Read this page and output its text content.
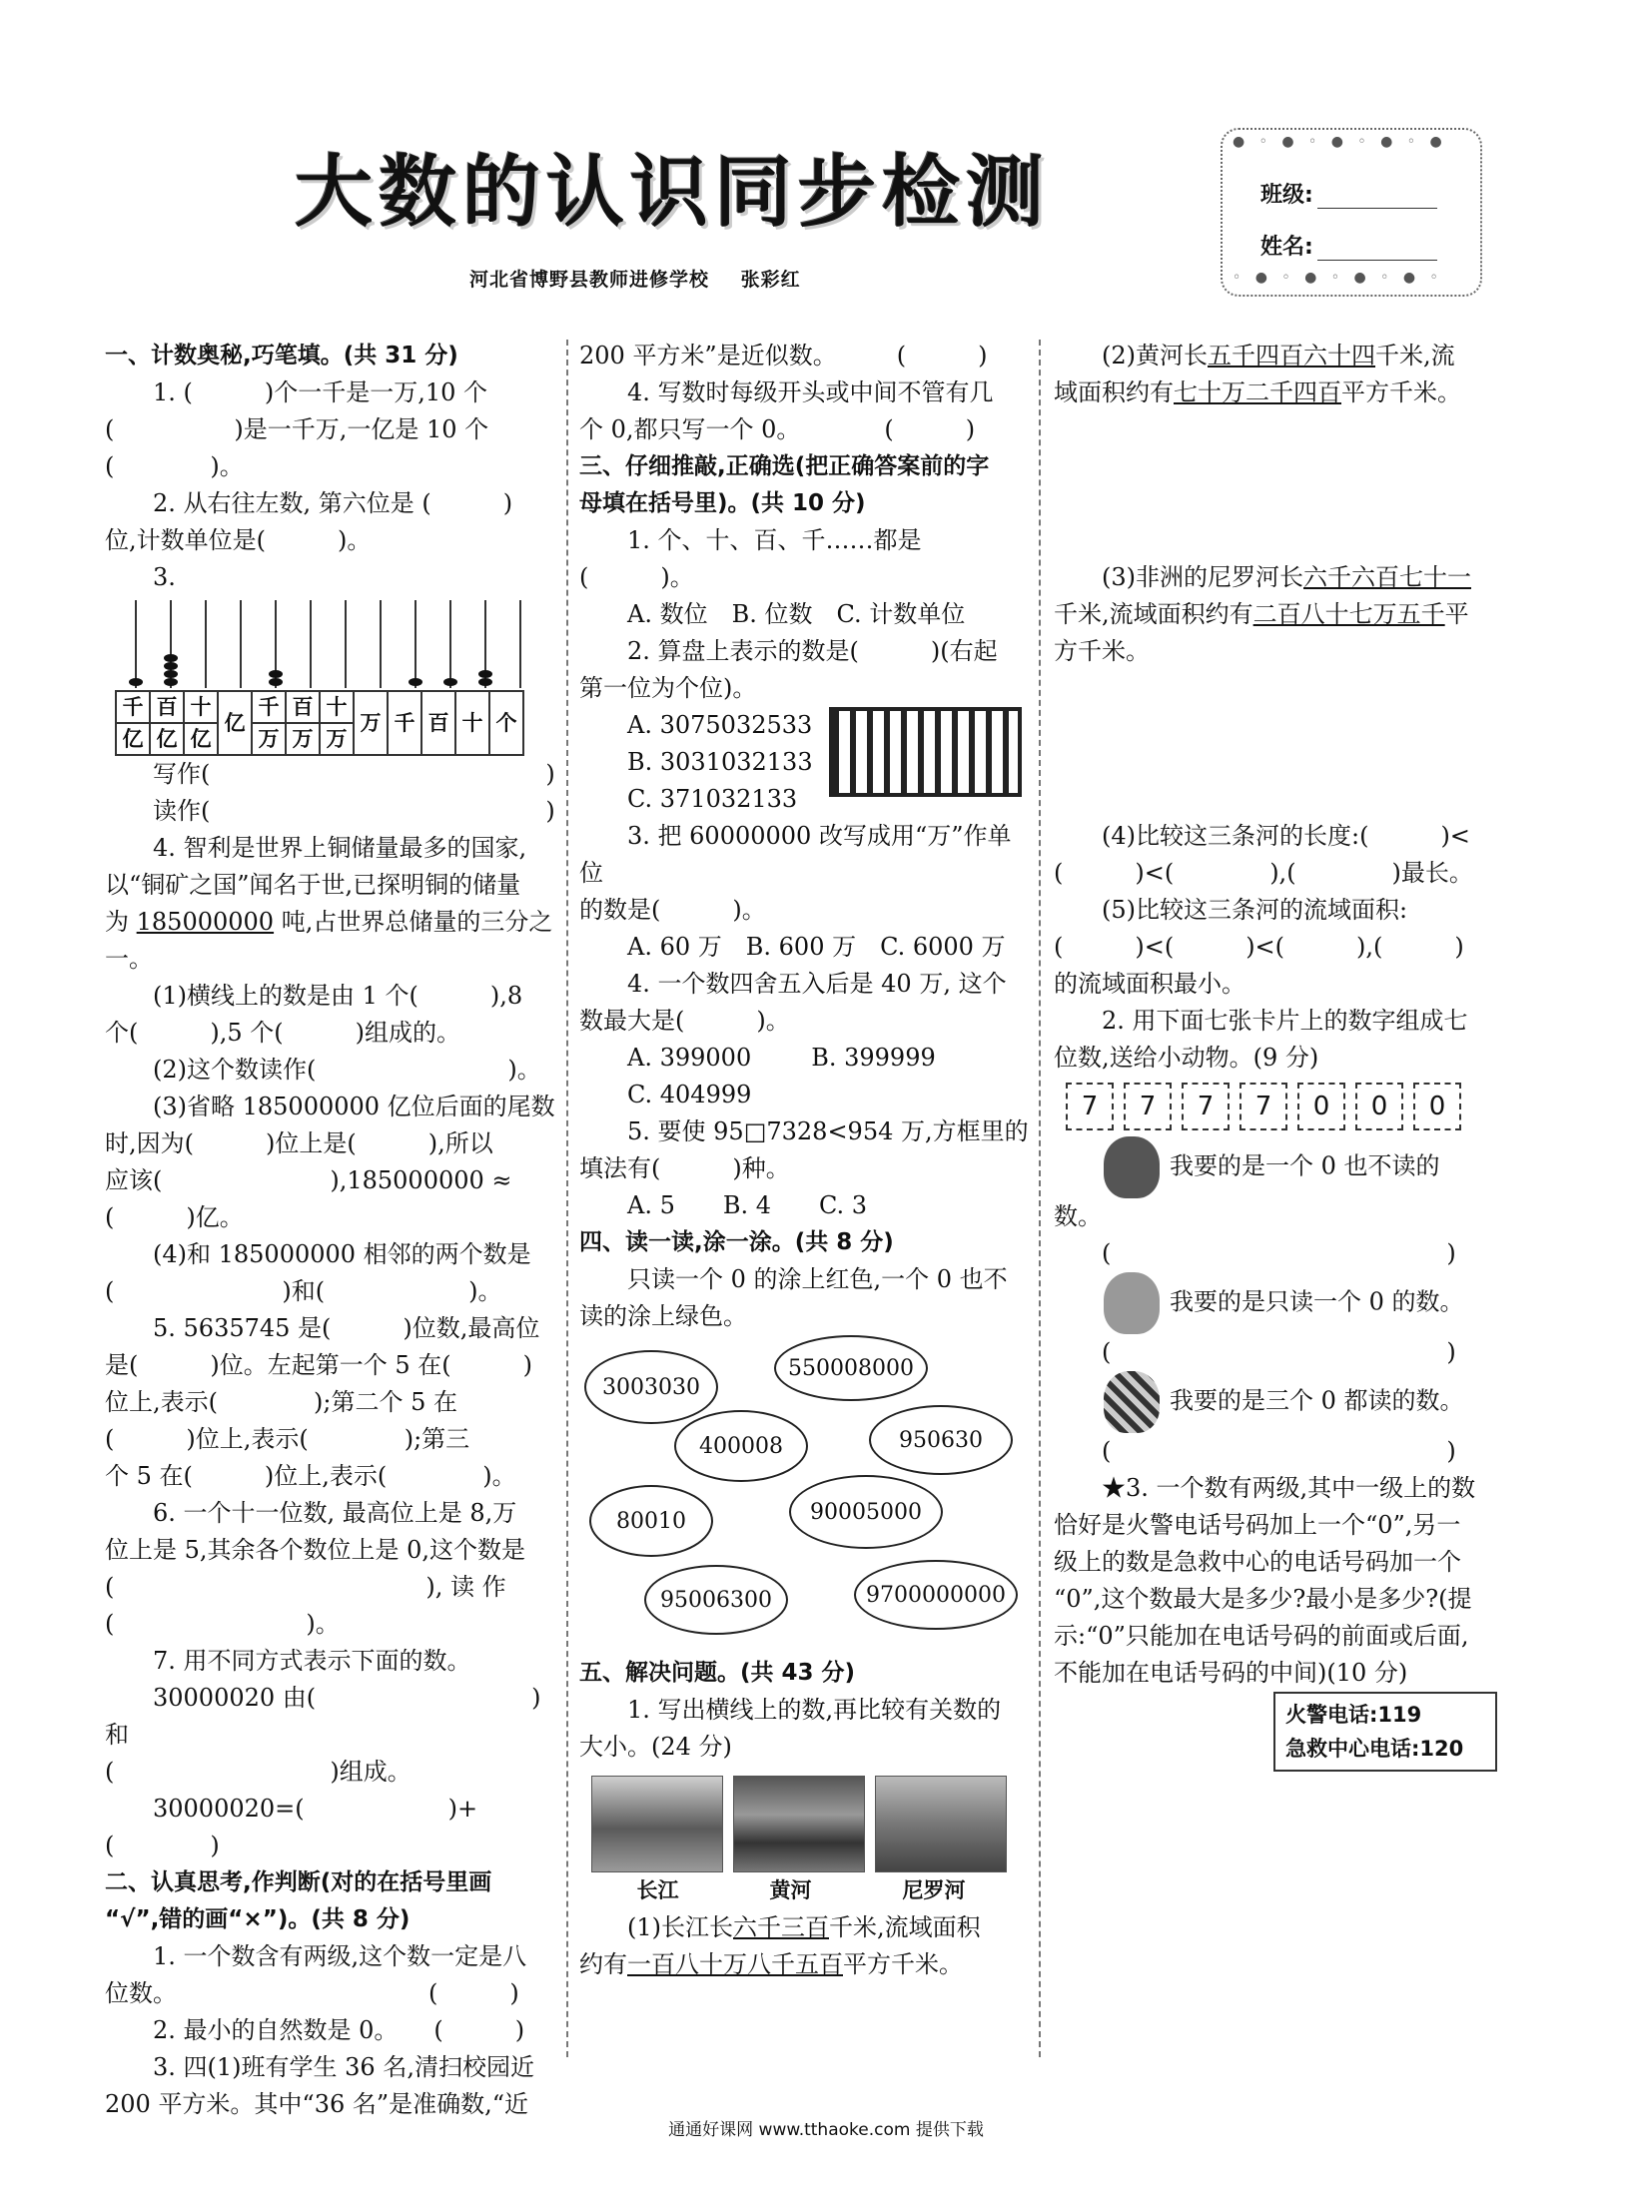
大数的认识同步检测
河北省博野县教师进修学校 张彩红
● ◦ ● ◦ ● ◦ ● ◦ ●
班级:
姓名:
◦ ● ◦ ● ◦ ● ◦ ● ◦

一、计数奥秘,巧笔填。(共 31 分)

1. (　　　)个一千是一万,10 个

(　　　　　)是一千万,一亿是 10 个

(　　　　)。

2. 从右往左数, 第六位是 (　　　)

位,计数单位是(　　　)。

3.

千	百	十	亿	千	百	十	万	千	百	十	个
亿	亿	亿		万	万	万					

写作(　　　　　　　　　　　　　　)

读作(　　　　　　　　　　　　　　)

4. 智利是世界上铜储量最多的国家,

以“铜矿之国”闻名于世,已探明铜的储量

为 185000000 吨,占世界总储量的三分之

一。

(1)横线上的数是由 1 个(　　　),8

个(　　　),5 个(　　　)组成的。

(2)这个数读作(　　　　　　　　)。

(3)省略 185000000 亿位后面的尾数

时,因为(　　　)位上是(　　　),所以

应该(　　　　　　　),185000000 ≈

(　　　)亿。

(4)和 185000000 相邻的两个数是

(　　　　　　　)和(　　　　　　)。

5. 5635745 是(　　　)位数,最高位

是(　　　)位。左起第一个 5 在(　　　)

位上,表示(　　　　);第二个 5 在

(　　　)位上,表示(　　　　);第三

个 5 在(　　　)位上,表示(　　　　)。

6. 一个十一位数, 最高位上是 8,万

位上是 5,其余各个数位上是 0,这个数是

(　　　　　　　　　　　　　), 读 作

(　　　　　　　　)。

7. 用不同方式表示下面的数。

30000020 由(　　　　　　　　　)和

(　　　　　　　　　)组成。

30000020=(　　　　　　)+(　　　　)

二、认真思考,作判断(对的在括号里画

“√”,错的画“×”)。(共 8 分)

1. 一个数含有两级,这个数一定是八

位数。　　　　　　　　　　　(　　　)

2. 最小的自然数是 0。　　(　　　)

3. 四(1)班有学生 36 名,清扫校园近

200 平方米。其中“36 名”是准确数,“近

200 平方米”是近似数。　　　(　　　)

4. 写数时每级开头或中间不管有几

个 0,都只写一个 0。　　　　(　　　)

三、仔细推敲,正确选(把正确答案前的字

母填在括号里)。(共 10 分)

1. 个、十、百、千……都是(　　　)。

A. 数位　B. 位数　C. 计数单位

2. 算盘上表示的数是(　　　)(右起

第一位为个位)。

A. 3075032533

B. 3031032133

C. 371032133

3. 把 60000000 改写成用“万”作单位

的数是(　　　)。

A. 60 万　B. 600 万　C. 6000 万

4. 一个数四舍五入后是 40 万, 这个

数最大是(　　　)。

A. 399000	B. 399999

C. 404999

5. 要使 95□7328<954 万,方框里的

填法有(　　　)种。

A. 5　　B. 4　　C. 3

四、读一读,涂一涂。(共 8 分)

只读一个 0 的涂上红色,一个 0 也不

读的涂上绿色。

3003030
550008000
400008	950630
80010	90005000
95006300	9700000000

五、解决问题。(共 43 分)

1. 写出横线上的数,再比较有关数的

大小。(24 分)

长江	黄河	尼罗河

(1)长江长六千三百千米,流域面积

约有一百八十万八千五百平方千米。

(2)黄河长五千四百六十四千米,流

域面积约有七十万二千四百平方千米。

(3)非洲的尼罗河长六千六百七十一

千米,流域面积约有二百八十七万五千平

方千米。

(4)比较这三条河的长度:(　　　)<

(　　　)<(　　　　),(　　　　)最长。

(5)比较这三条河的流域面积:

(　　　)<(　　　)<(　　　),(　　　)

的流域面积最小。

2. 用下面七张卡片上的数字组成七

位数,送给小动物。(9 分)

7	7	7	7	0	0	0

我要的是一个 0 也不读的

数。

(　　　　　　　　　　　　　　)

我要的是只读一个 0 的数。

(　　　　　　　　　　　　　　)

我要的是三个 0 都读的数。

(　　　　　　　　　　　　　　)

★3. 一个数有两级,其中一级上的数

恰好是火警电话号码加上一个“0”,另一

级上的数是急救中心的电话号码加一个

“0”,这个数最大是多少?最小是多少?(提

示:“0”只能加在电话号码的前面或后面,

不能加在电话号码的中间)(10 分)

火警电话:119
急救中心电话:120
通通好课网 www.tthaoke.com 提供下载
